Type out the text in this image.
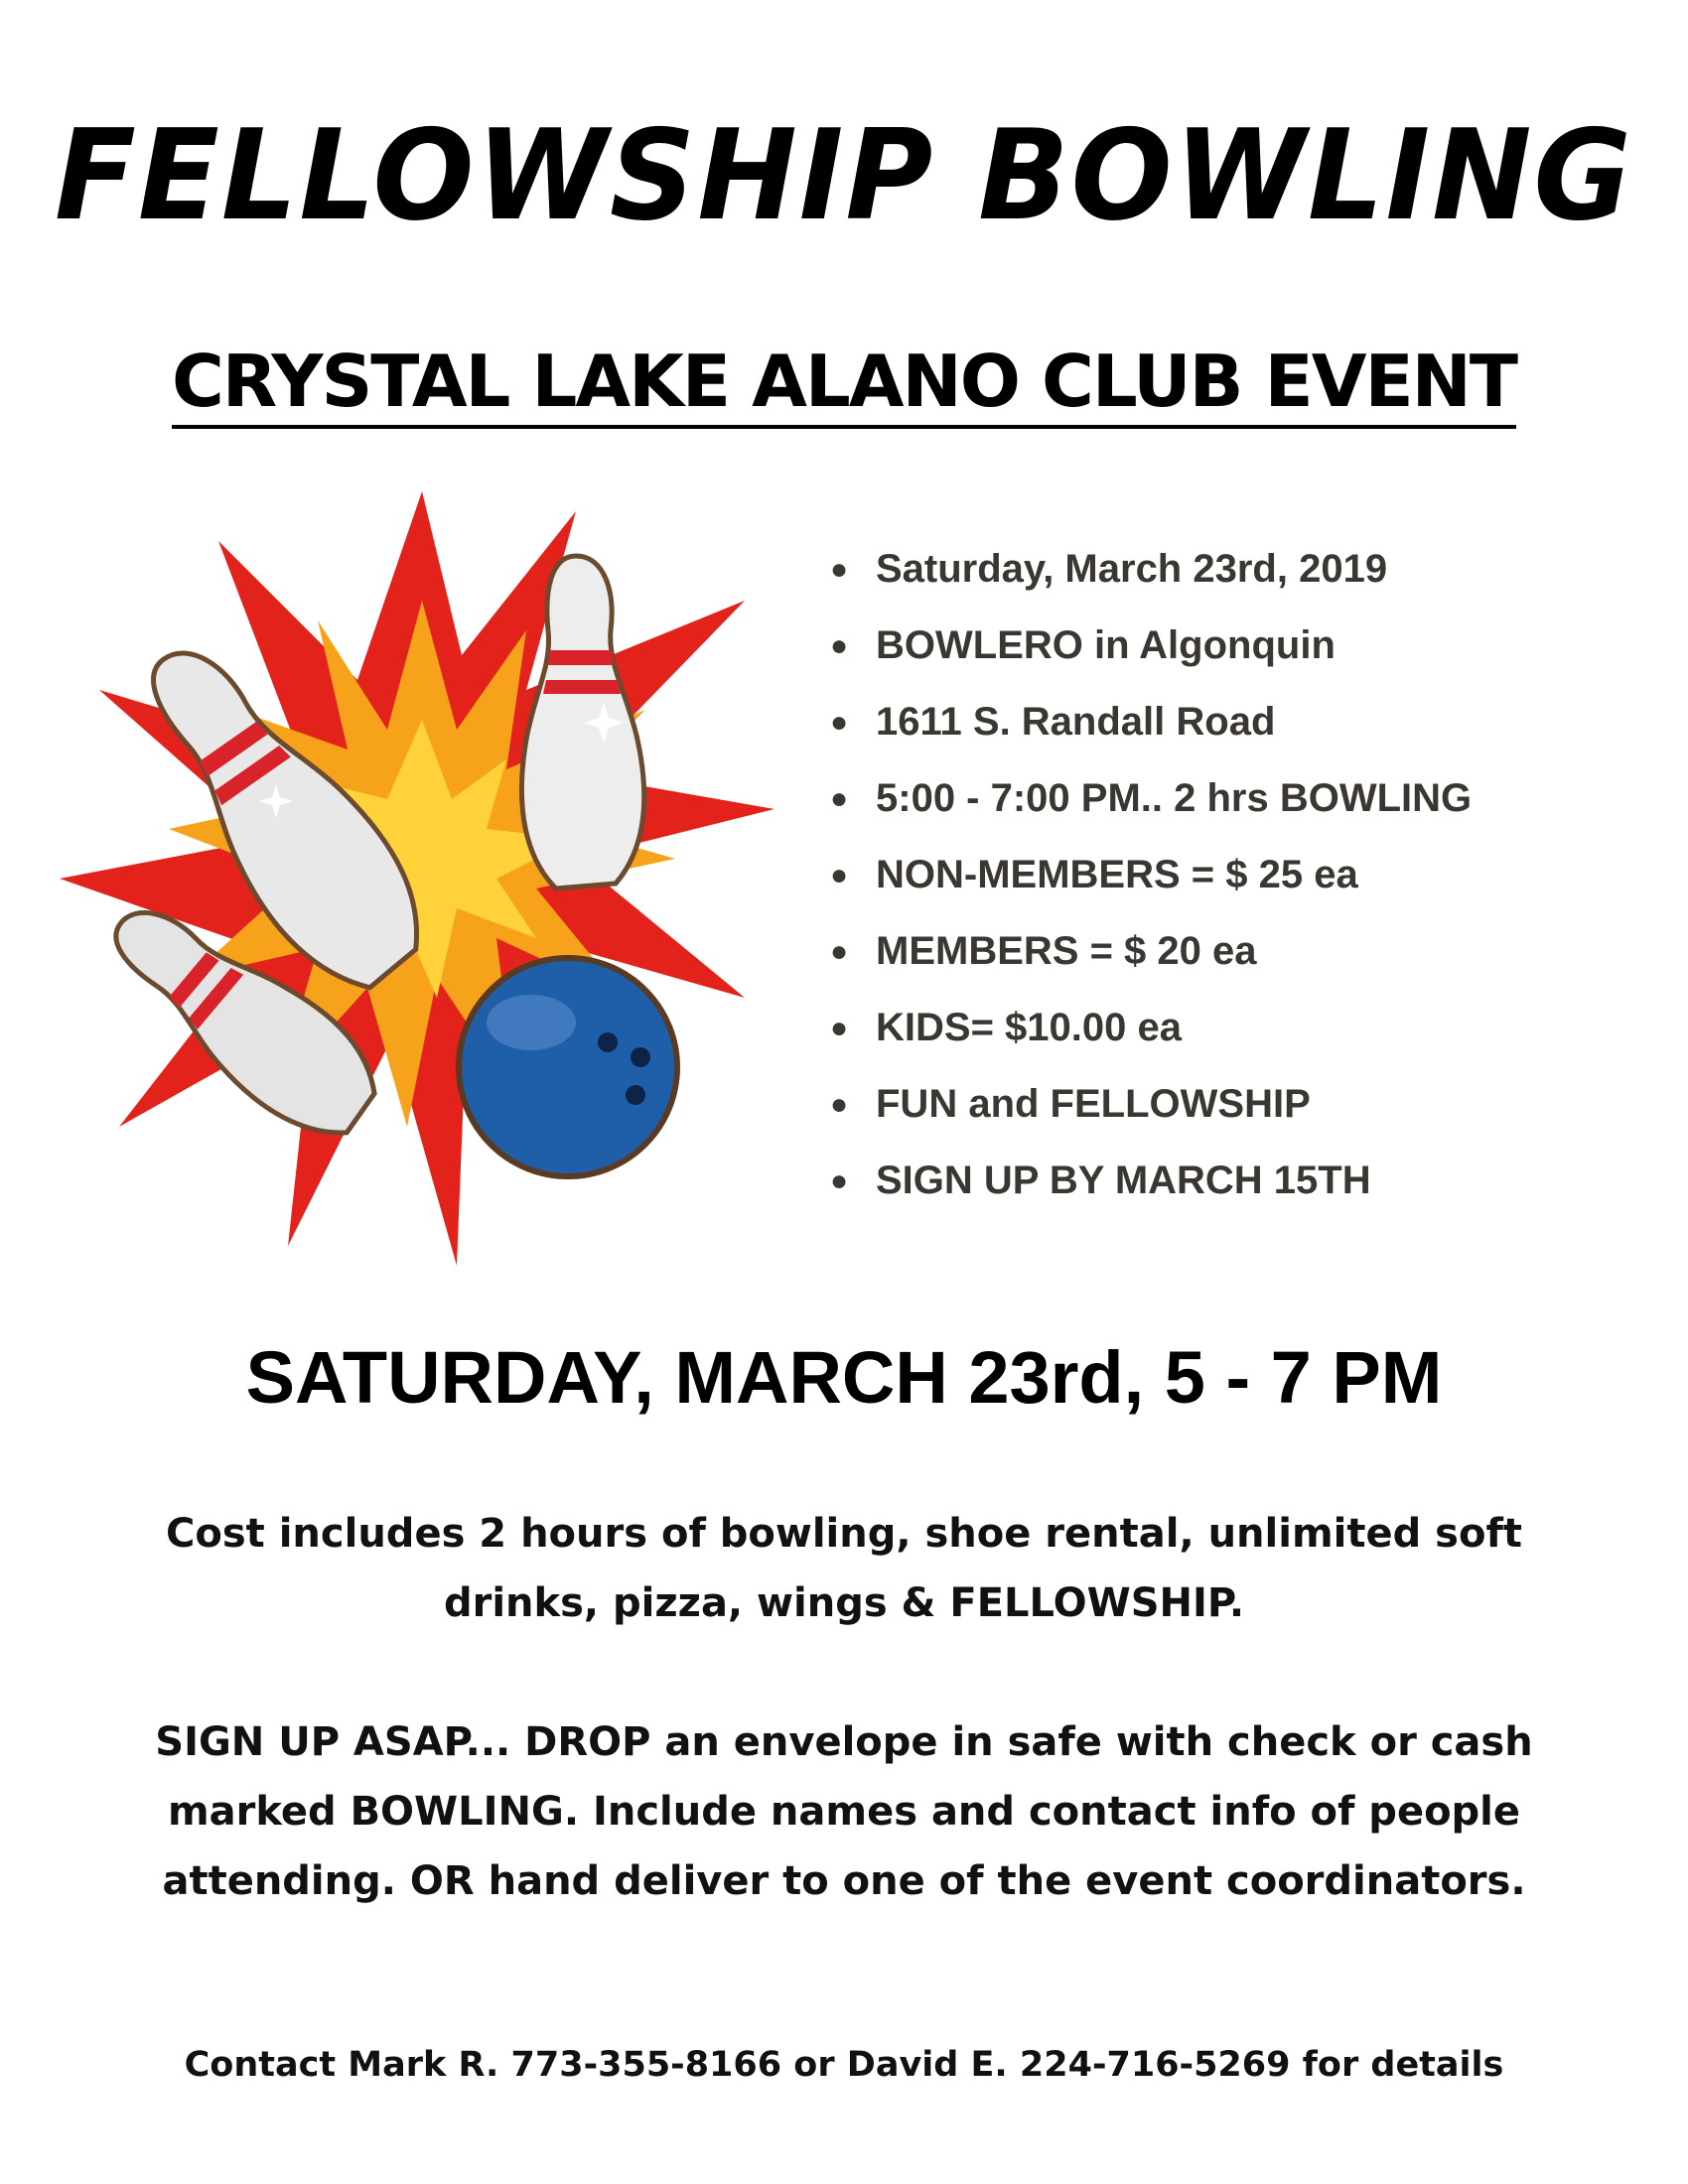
FELLOWSHIP BOWLING
CRYSTAL LAKE ALANO CLUB EVENT
● Saturday, March 23rd, 2019
● BOWLERO in Algonquin
● 1611 S. Randall Road
● 5:00 - 7:00 PM.. 2 hrs BOWLING
● NON-MEMBERS = $ 25 ea
● MEMBERS = $ 20 ea
● KIDS= $10.00 ea
● FUN and FELLOWSHIP
● SIGN UP BY MARCH 15TH
SATURDAY, MARCH 23rd, 5 - 7 PM
Cost includes 2 hours of bowling, shoe rental, unlimited soft drinks, pizza, wings & FELLOWSHIP.
SIGN UP ASAP... DROP an envelope in safe with check or cash marked BOWLING. Include names and contact info of people attending. OR hand deliver to one of the event coordinators.
Contact Mark R. 773-355-8166 or David E. 224-716-5269 for details
